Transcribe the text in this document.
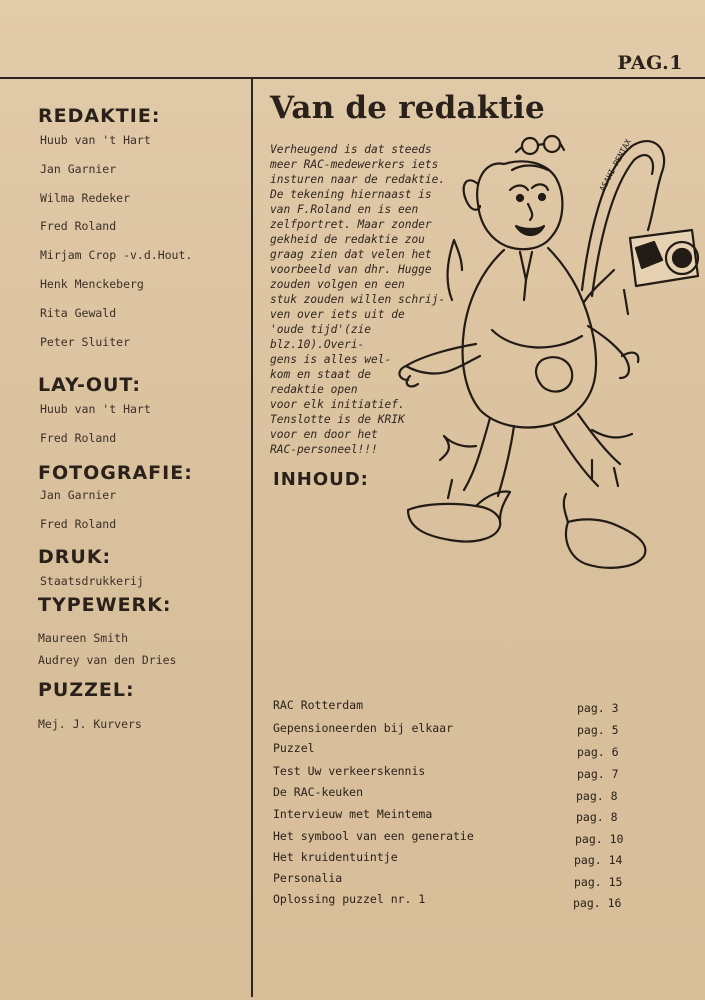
PAG.1
REDAKTIE:
Huub van 't Hart
Jan Garnier
Wilma Redeker
Fred Roland
Mirjam Crop -v.d.Hout.
Henk Menckeberg
Rita Gewald
Peter Sluiter
LAY-OUT:
Huub van 't Hart
Fred Roland
FOTOGRAFIE:
Jan Garnier
Fred Roland
DRUK:
Staatsdrukkerij
TYPEWERK:
Maureen Smith
Audrey van den Dries
PUZZEL:
Mej. J. Kurvers
Van de redaktie
Verheugend is dat steeds
meer RAC-medewerkers iets
insturen naar de redaktie.
De tekening hiernaast is
van F.Roland en is een
zelfportret. Maar zonder
gekheid de redaktie zou
graag zien dat velen het
voorbeeld van dhr. Hugge
zouden volgen en een
stuk zouden willen schrij-
ven over iets uit de
'oude tijd'(zie
blz.10).Overi-
gens is alles wel-
kom en staat de
redaktie open
voor elk initiatief.
Tenslotte is de KRIK
voor en door het
RAC-personeel!!!
ASAHI PENTAX
INHOUD:
RAC Rotterdam	pag. 3
Gepensioneerden bij elkaar	pag. 5
Puzzel	pag. 6
Test Uw verkeerskennis	pag. 7
De RAC-keuken	pag. 8
Intervieuw met Meintema	pag. 8
Het symbool van een generatie	pag. 10
Het kruidentuintje	pag. 14
Personalia	pag. 15
Oplossing puzzel nr. 1	pag. 16
